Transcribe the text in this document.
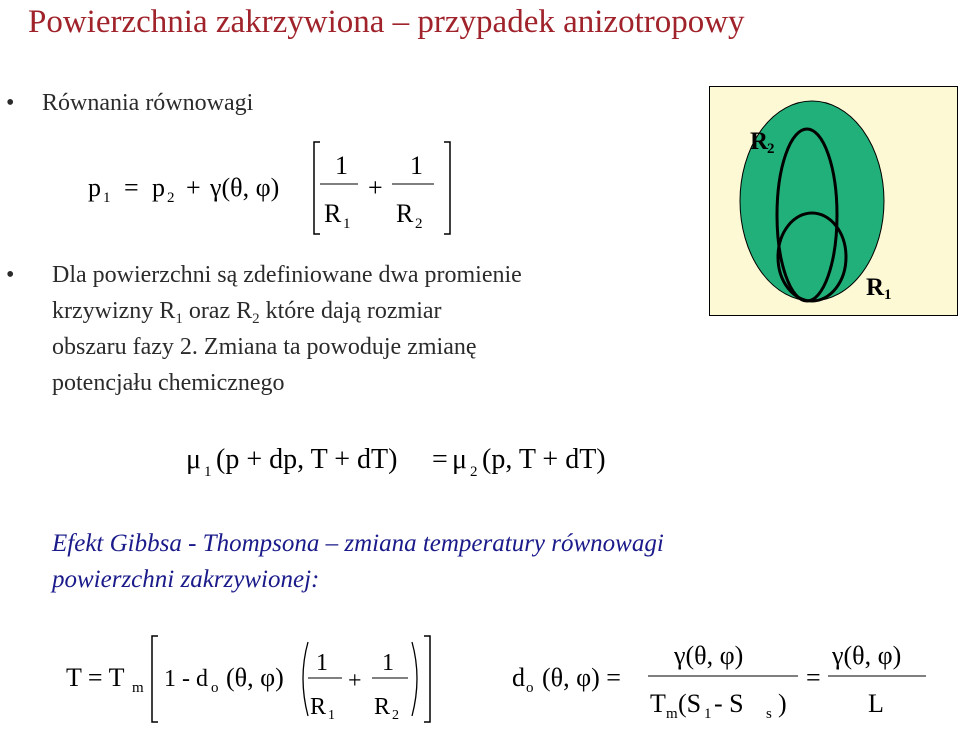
Powierzchnia zakrzywiona – przypadek anizotropowy
• Równania równowagi
p 1 = p 2 + γ(θ, φ)
1
R 1
+
1
R 2
• Dla powierzchni są zdefiniowane dwa promienie
krzywizny $R_1$ oraz $R_2$ które dają rozmiar
obszaru fazy 2. Zmiana ta powoduje zmianę
potencjału chemicznego
R
2
R 1
μ 1 (p + dp, T + dT) = μ 2 (p, T + dT)
Efekt Gibbsa - Thompsona – zmiana temperatury równowagi
powierzchni zakrzywionej:
T = T m 1 - d o (θ, φ) 1
R 1
+
1
R 2
d o (θ, φ) =
γ(θ, φ)
T m (S 1 - S s )
=
γ(θ, φ)
L
